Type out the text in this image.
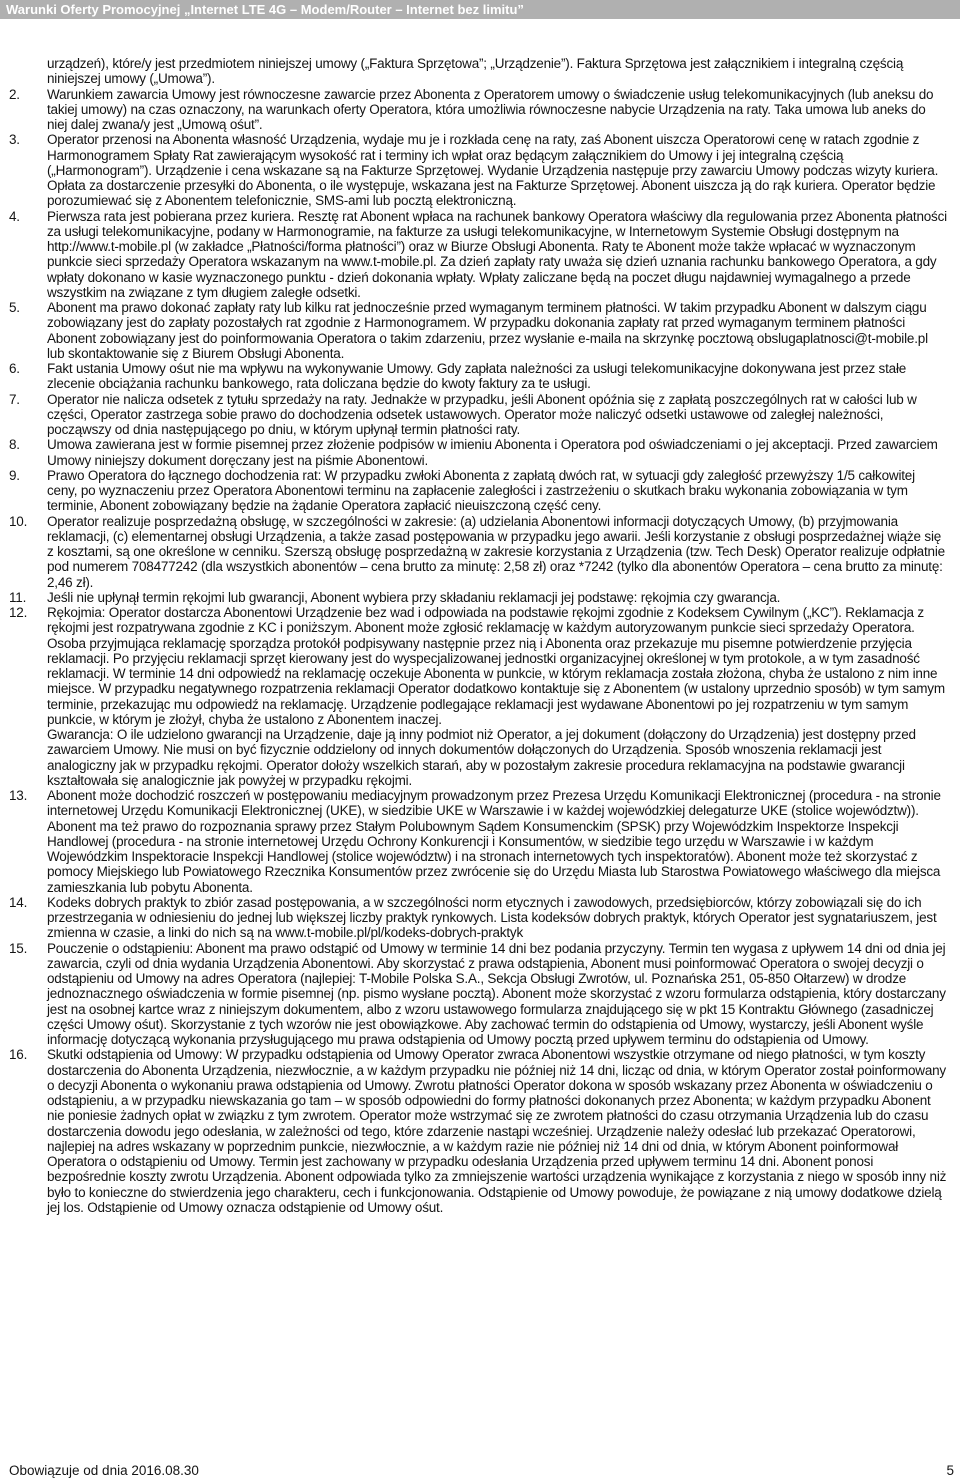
Warunki Oferty Promocyjnej „Internet LTE 4G – Modem/Router – Internet bez limitu”
urządzeń), które/y jest przedmiotem niniejszej umowy („Faktura Sprzętowa”; „Urządzenie”). Faktura Sprzętowa jest załącznikiem i integralną częścią niniejszej umowy („Umowa”).
2.	Warunkiem zawarcia Umowy jest równoczesne zawarcie przez Abonenta z Operatorem umowy o świadczenie usług telekomunikacyjnych (lub aneksu do takiej umowy) na czas oznaczony, na warunkach oferty Operatora, która umożliwia równoczesne nabycie Urządzenia na raty. Taka umowa lub aneks do niej dalej zwana/y jest „Umową ośut”.
3.	Operator przenosi na Abonenta własność Urządzenia, wydaje mu je i rozkłada cenę na raty, zaś Abonent uiszcza Operatorowi cenę w ratach zgodnie z Harmonogramem Spłaty Rat zawierającym wysokość rat i terminy ich wpłat oraz będącym załącznikiem do Umowy i jej integralną częścią („Harmonogram”). Urządzenie i cena wskazane są na Fakturze Sprzętowej. Wydanie Urządzenia następuje przy zawarciu Umowy podczas wizyty kuriera. Opłata za dostarczenie przesyłki do Abonenta, o ile występuje, wskazana jest na Fakturze Sprzętowej. Abonent uiszcza ją do rąk kuriera. Operator będzie porozumiewać się z Abonentem telefonicznie, SMS-ami lub pocztą elektroniczną.
4.	Pierwsza rata jest pobierana przez kuriera. Resztę rat Abonent wpłaca na rachunek bankowy Operatora właściwy dla regulowania przez Abonenta płatności za usługi telekomunikacyjne, podany w Harmonogramie, na fakturze za usługi telekomunikacyjne, w Internetowym Systemie Obsługi dostępnym na http://www.t-mobile.pl (w zakładce „Płatności/forma płatności”) oraz w Biurze Obsługi Abonenta. Raty te Abonent może także wpłacać w wyznaczonym punkcie sieci sprzedaży Operatora wskazanym na www.t-mobile.pl. Za dzień zapłaty raty uważa się dzień uznania rachunku bankowego Operatora, a gdy wpłaty dokonano w kasie wyznaczonego punktu - dzień dokonania wpłaty. Wpłaty zaliczane będą na poczet długu najdawniej wymagalnego a przede wszystkim na związane z tym długiem zaległe odsetki.
5.	Abonent ma prawo dokonać zapłaty raty lub kilku rat jednocześnie przed wymaganym terminem płatności. W takim przypadku Abonent w dalszym ciągu zobowiązany jest do zapłaty pozostałych rat zgodnie z Harmonogramem. W przypadku dokonania zapłaty rat przed wymaganym terminem płatności Abonent zobowiązany jest do poinformowania Operatora o takim zdarzeniu, przez wysłanie e-maila na skrzynkę pocztową obslugaplatnosci@t-mobile.pl lub skontaktowanie się z Biurem Obsługi Abonenta.
6.	Fakt ustania Umowy ośut nie ma wpływu na wykonywanie Umowy. Gdy zapłata należności za usługi telekomunikacyjne dokonywana jest przez stałe zlecenie obciążania rachunku bankowego, rata doliczana będzie do kwoty faktury za te usługi.
7.	Operator nie nalicza odsetek z tytułu sprzedaży na raty. Jednakże w przypadku, jeśli Abonent opóźnia się z zapłatą poszczególnych rat w całości lub w części, Operator zastrzega sobie prawo do dochodzenia odsetek ustawowych. Operator może naliczyć odsetki ustawowe od zaległej należności, począwszy od dnia następującego po dniu, w którym upłynął termin płatności raty.
8.	Umowa zawierana jest w formie pisemnej przez złożenie podpisów w imieniu Abonenta i Operatora pod oświadczeniami o jej akceptacji. Przed zawarciem Umowy niniejszy dokument doręczany jest na piśmie Abonentowi.
9.	Prawo Operatora do łącznego dochodzenia rat: W przypadku zwłoki Abonenta z zapłatą dwóch rat, w sytuacji gdy zaległość przewyższy 1/5 całkowitej ceny, po wyznaczeniu przez Operatora Abonentowi terminu na zapłacenie zaległości i zastrzeżeniu o skutkach braku wykonania zobowiązania w tym terminie, Abonent zobowiązany będzie na żądanie Operatora zapłacić nieuiszczoną część ceny.
10.	Operator realizuje posprzedażną obsługę, w szczególności w zakresie: (a) udzielania Abonentowi informacji dotyczących Umowy, (b) przyjmowania reklamacji, (c) elementarnej obsługi Urządzenia, a także zasad postępowania w przypadku jego awarii. Jeśli korzystanie z obsługi posprzedażnej wiąże się z kosztami, są one określone w cenniku. Szerszą obsługę posprzedażną w zakresie korzystania z Urządzenia (tzw. Tech Desk) Operator realizuje odpłatnie pod numerem 708477242 (dla wszystkich abonentów – cena brutto za minutę: 2,58 zł) oraz *7242 (tylko dla abonentów Operatora – cena brutto za minutę: 2,46 zł).
11.	Jeśli nie upłynął termin rękojmi lub gwarancji, Abonent wybiera przy składaniu reklamacji jej podstawę: rękojmia czy gwarancja.
12.	Rękojmia: Operator dostarcza Abonentowi Urządzenie bez wad i odpowiada na podstawie rękojmi zgodnie z Kodeksem Cywilnym („KC”). Reklamacja z rękojmi jest rozpatrywana zgodnie z KC i poniższym. Abonent może zgłosić reklamację w każdym autoryzowanym punkcie sieci sprzedaży Operatora. Osoba przyjmująca reklamację sporządza protokół podpisywany następnie przez nią i Abonenta oraz przekazuje mu pisemne potwierdzenie przyjęcia reklamacji. Po przyjęciu reklamacji sprzęt kierowany jest do wyspecjalizowanej jednostki organizacyjnej określonej w tym protokole, a w tym zasadność reklamacji. W terminie 14 dni odpowiedź na reklamację oczekuje Abonenta w punkcie, w którym reklamacja została złożona, chyba że ustalono z nim inne miejsce. W przypadku negatywnego rozpatrzenia reklamacji Operator dodatkowo kontaktuje się z Abonentem (w ustalony uprzednio sposób) w tym samym terminie, przekazując mu odpowiedź na reklamację. Urządzenie podlegające reklamacji jest wydawane Abonentowi po jej rozpatrzeniu w tym samym punkcie, w którym je złożył, chyba że ustalono z Abonentem inaczej.
Gwarancja: O ile udzielono gwarancji na Urządzenie, daje ją inny podmiot niż Operator, a jej dokument (dołączony do Urządzenia) jest dostępny przed zawarciem Umowy. Nie musi on być fizycznie oddzielony od innych dokumentów dołączonych do Urządzenia. Sposób wnoszenia reklamacji jest analogiczny jak w przypadku rękojmi. Operator dołoży wszelkich starań, aby w pozostałym zakresie procedura reklamacyjna na podstawie gwarancji kształtowała się analogicznie jak powyżej w przypadku rękojmi.
13.	Abonent może dochodzić roszczeń w postępowaniu mediacyjnym prowadzonym przez Prezesa Urzędu Komunikacji Elektronicznej (procedura - na stronie internetowej Urzędu Komunikacji Elektronicznej (UKE), w siedzibie UKE w Warszawie i w każdej wojewódzkiej delegaturze UKE (stolice województw)). Abonent ma też prawo do rozpoznania sprawy przez Stałym Polubownym Sądem Konsumenckim (SPSK) przy Wojewódzkim Inspektorze Inspekcji Handlowej (procedura - na stronie internetowej Urzędu Ochrony Konkurencji i Konsumentów, w siedzibie tego urzędu w Warszawie i w każdym Wojewódzkim Inspektoracie Inspekcji Handlowej (stolice województw) i na stronach internetowych tych inspektoratów). Abonent może też skorzystać z pomocy Miejskiego lub Powiatowego Rzecznika Konsumentów przez zwrócenie się do Urzędu Miasta lub Starostwa Powiatowego właściwego dla miejsca zamieszkania lub pobytu Abonenta.
14.	Kodeks dobrych praktyk to zbiór zasad postępowania, a w szczególności norm etycznych i zawodowych, przedsiębiorców, którzy zobowiązali się do ich przestrzegania w odniesieniu do jednej lub większej liczby praktyk rynkowych. Lista kodeksów dobrych praktyk, których Operator jest sygnatariuszem, jest zmienna w czasie, a linki do nich są na www.t-mobile.pl/pl/kodeks-dobrych-praktyk
15.	Pouczenie o odstąpieniu: Abonent ma prawo odstąpić od Umowy w terminie 14 dni bez podania przyczyny. Termin ten wygasa z upływem 14 dni od dnia jej zawarcia, czyli od dnia wydania Urządzenia Abonentowi. Aby skorzystać z prawa odstąpienia, Abonent musi poinformować Operatora o swojej decyzji o odstąpieniu od Umowy na adres Operatora (najlepiej: T-Mobile Polska S.A., Sekcja Obsługi Zwrotów, ul. Poznańska 251, 05-850 Ołtarzew) w drodze jednoznacznego oświadczenia w formie pisemnej (np. pismo wysłane pocztą). Abonent może skorzystać z wzoru formularza odstąpienia, który dostarczany jest na osobnej kartce wraz z niniejszym dokumentem, albo z wzoru ustawowego formularza znajdującego się w pkt 15 Kontraktu Głównego (zasadniczej części Umowy ośut). Skorzystanie z tych wzorów nie jest obowiązkowe. Aby zachować termin do odstąpienia od Umowy, wystarczy, jeśli Abonent wyśle informację dotyczącą wykonania przysługującego mu prawa odstąpienia od Umowy pocztą przed upływem terminu do odstąpienia od Umowy.
16.	Skutki odstąpienia od Umowy: W przypadku odstąpienia od Umowy Operator zwraca Abonentowi wszystkie otrzymane od niego płatności, w tym koszty dostarczenia do Abonenta Urządzenia, niezwłocznie, a w każdym przypadku nie później niż 14 dni, licząc od dnia, w którym Operator został poinformowany o decyzji Abonenta o wykonaniu prawa odstąpienia od Umowy. Zwrotu płatności Operator dokona w sposób wskazany przez Abonenta w oświadczeniu o odstąpieniu, a w przypadku niewskazania go tam – w sposób odpowiedni do formy płatności dokonanych przez Abonenta; w każdym przypadku Abonent nie poniesie żadnych opłat w związku z tym zwrotem. Operator może wstrzymać się ze zwrotem płatności do czasu otrzymania Urządzenia lub do czasu dostarczenia dowodu jego odesłania, w zależności od tego, które zdarzenie nastąpi wcześniej. Urządzenie należy odesłać lub przekazać Operatorowi, najlepiej na adres wskazany w poprzednim punkcie, niezwłocznie, a w każdym razie nie później niż 14 dni od dnia, w którym Abonent poinformował Operatora o odstąpieniu od Umowy. Termin jest zachowany w przypadku odesłania Urządzenia przed upływem terminu 14 dni. Abonent ponosi bezpośrednie koszty zwrotu Urządzenia. Abonent odpowiada tylko za zmniejszenie wartości urządzenia wynikające z korzystania z niego w sposób inny niż było to konieczne do stwierdzenia jego charakteru, cech i funkcjonowania. Odstąpienie od Umowy powoduje, że powiązane z nią umowy dodatkowe dzielą jej los. Odstąpienie od Umowy oznacza odstąpienie od Umowy ośut.
Obowiązuje od dnia 2016.08.30	5
